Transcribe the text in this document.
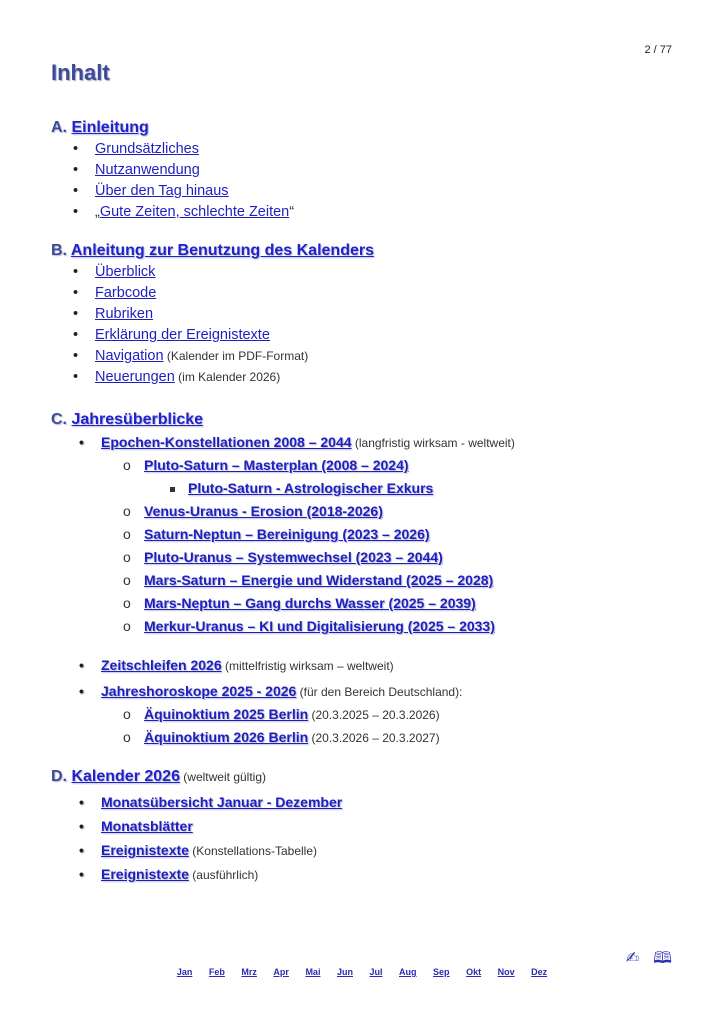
2 / 77
Inhalt
A. Einleitung
• Grundsätzliches
• Nutzanwendung
• Über den Tag hinaus
• „Gute Zeiten, schlechte Zeiten“
B. Anleitung zur Benutzung des Kalenders
• Überblick
• Farbcode
• Rubriken
• Erklärung der Ereignistexte
• Navigation (Kalender im PDF-Format)
• Neuerungen (im Kalender 2026)
C. Jahresüberblicke
• Epochen-Konstellationen 2008 – 2044 (langfristig wirksam - weltweit)
o Pluto-Saturn – Masterplan (2008 – 2024)
Pluto-Saturn - Astrologischer Exkurs
o Venus-Uranus - Erosion (2018-2026)
o Saturn-Neptun – Bereinigung (2023 – 2026)
o Pluto-Uranus – Systemwechsel (2023 – 2044)
o Mars-Saturn – Energie und Widerstand (2025 – 2028)
o Mars-Neptun – Gang durchs Wasser (2025 – 2039)
o Merkur-Uranus – KI und Digitalisierung (2025 – 2033)
• Zeitschleifen 2026 (mittelfristig wirksam – weltweit)
• Jahreshoroskope 2025 - 2026 (für den Bereich Deutschland):
o Äquinoktium 2025 Berlin (20.3.2025 – 20.3.2026)
o Äquinoktium 2026 Berlin (20.3.2026 – 20.3.2027)
D. Kalender 2026 (weltweit gültig)
• Monatsübersicht Januar - Dezember
• Monatsblätter
• Ereignistexte (Konstellations-Tabelle)
• Ereignistexte (ausführlich)
✍ 🕮
Jan Feb Mrz Apr Mai Jun Jul Aug Sep Okt Nov Dez
